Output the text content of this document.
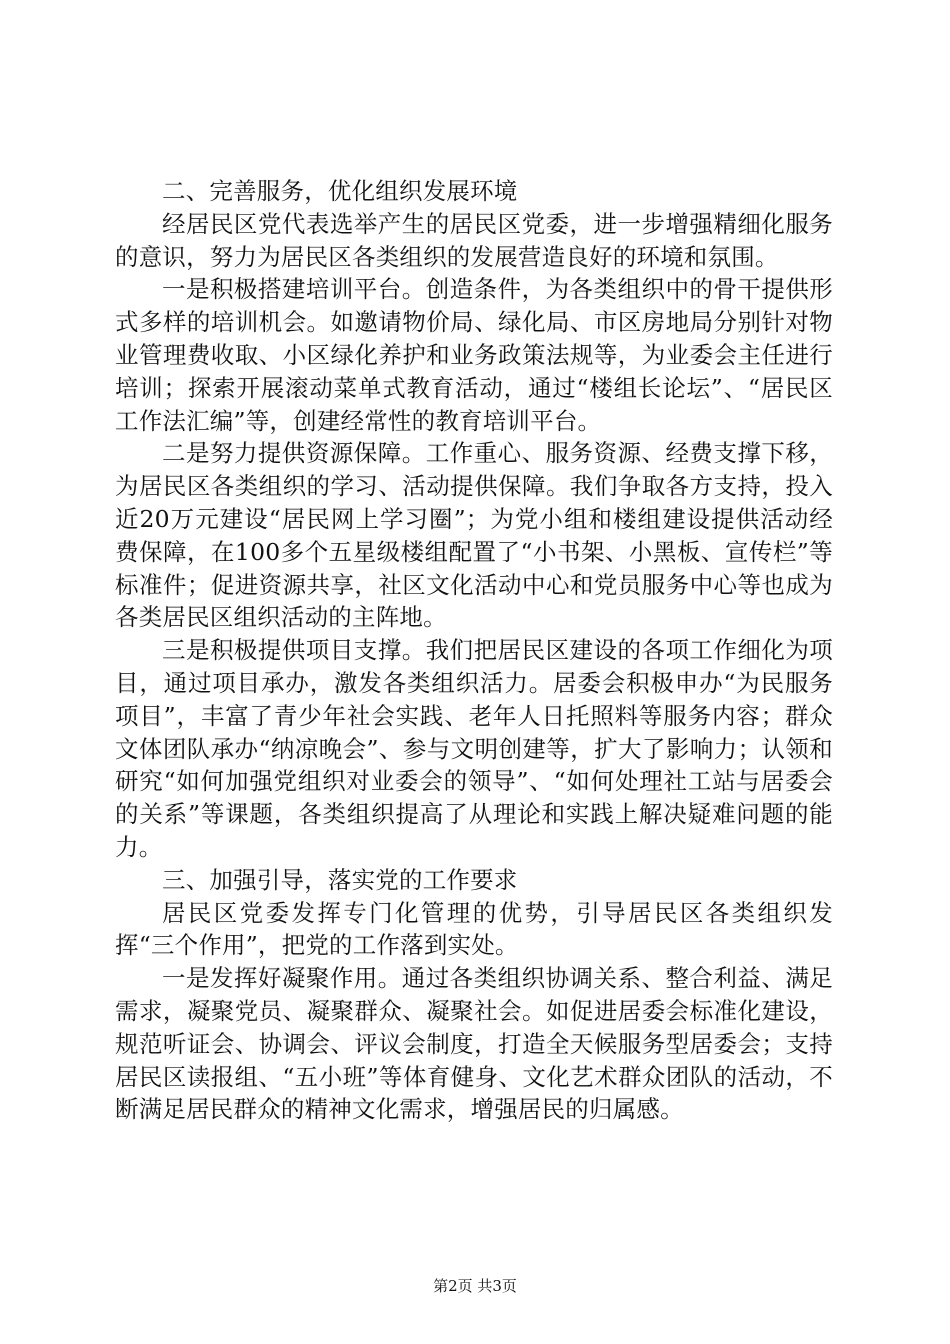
二、完善服务，优化组织发展环境

经居民区党代表选举产生的居民区党委，进一步增强精细化服务的意识，努力为居民区各类组织的发展营造良好的环境和氛围。

一是积极搭建培训平台。创造条件，为各类组织中的骨干提供形式多样的培训机会。如邀请物价局、绿化局、市区房地局分别针对物业管理费收取、小区绿化养护和业务政策法规等，为业委会主任进行培训；探索开展滚动菜单式教育活动，通过“楼组长论坛”、“居民区工作法汇编”等，创建经常性的教育培训平台。

二是努力提供资源保障。工作重心、服务资源、经费支撑下移，为居民区各类组织的学习、活动提供保障。我们争取各方支持，投入近20万元建设“居民网上学习圈”；为党小组和楼组建设提供活动经费保障，在100多个五星级楼组配置了“小书架、小黑板、宣传栏”等标准件；促进资源共享，社区文化活动中心和党员服务中心等也成为各类居民区组织活动的主阵地。

三是积极提供项目支撑。我们把居民区建设的各项工作细化为项目，通过项目承办，激发各类组织活力。居委会积极申办“为民服务项目”，丰富了青少年社会实践、老年人日托照料等服务内容；群众文体团队承办“纳凉晚会”、参与文明创建等，扩大了影响力；认领和研究“如何加强党组织对业委会的领导”、“如何处理社工站与居委会的关系”等课题，各类组织提高了从理论和实践上解决疑难问题的能力。

三、加强引导，落实党的工作要求

居民区党委发挥专门化管理的优势，引导居民区各类组织发挥“三个作用”，把党的工作落到实处。

一是发挥好凝聚作用。通过各类组织协调关系、整合利益、满足需求，凝聚党员、凝聚群众、凝聚社会。如促进居委会标准化建设，规范听证会、协调会、评议会制度，打造全天候服务型居委会；支持居民区读报组、“五小班”等体育健身、文化艺术群众团队的活动，不断满足居民群众的精神文化需求，增强居民的归属感。

第2页 共3页
